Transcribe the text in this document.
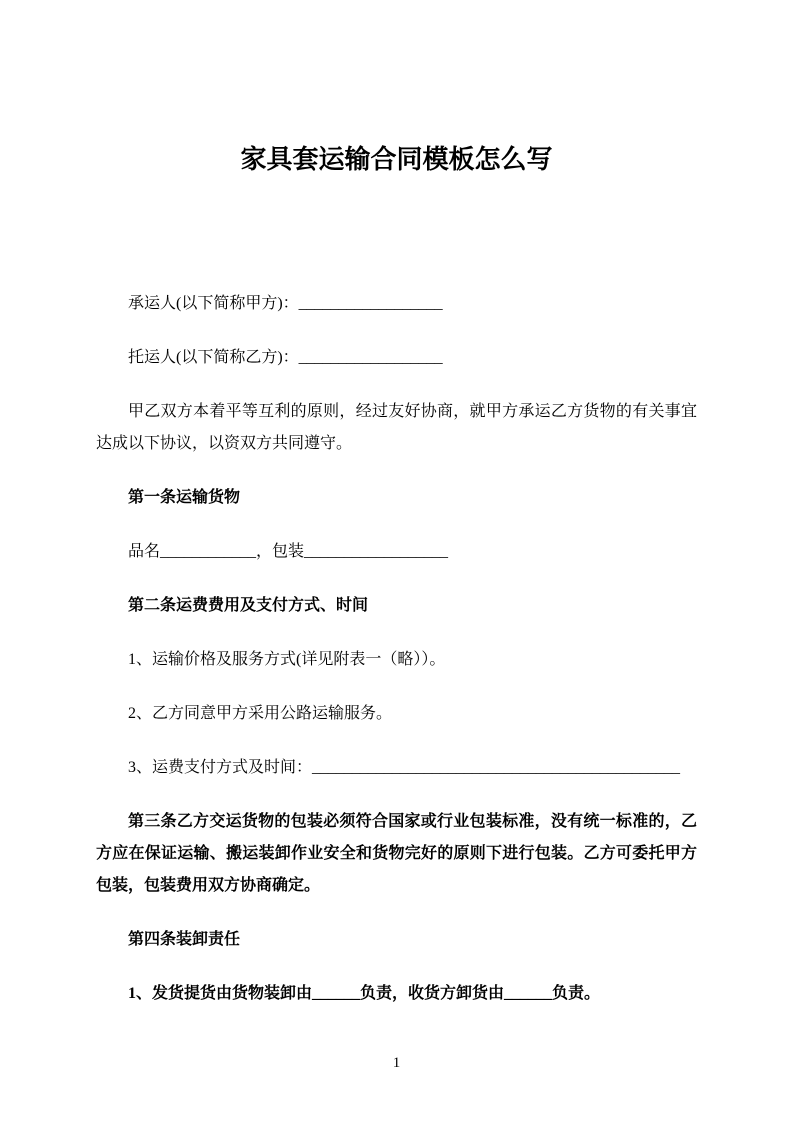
家具套运输合同模板怎么写

承运人(以下简称甲方)：__________________

托运人(以下简称乙方)：__________________

甲乙双方本着平等互利的原则，经过友好协商，就甲方承运乙方货物的有关事宜达成以下协议，以资双方共同遵守。

第一条运输货物

品名____________，包装__________________

第二条运费费用及支付方式、时间

1、运输价格及服务方式(详见附表一（略））。

2、乙方同意甲方采用公路运输服务。

3、运费支付方式及时间：______________________________________________

第三条乙方交运货物的包装必须符合国家或行业包装标准，没有统一标准的，乙方应在保证运输、搬运装卸作业安全和货物完好的原则下进行包装。乙方可委托甲方包装，包装费用双方协商确定。

第四条装卸责任

1、发货提货由货物装卸由______负责，收货方卸货由______负责。

1
